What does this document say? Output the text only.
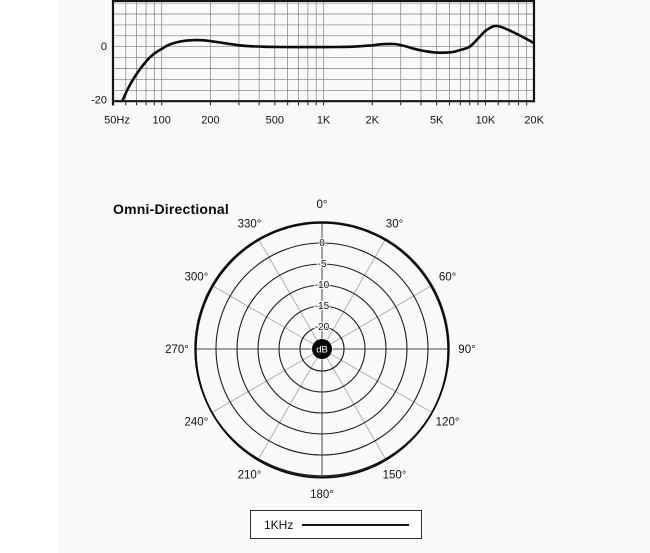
0
-20
50Hz 100	200	500	1K	2K	5K	10K	20K
0
-5
-10
-15
-20
0°
30°
60°
90°
120°
150°
180°
210°
240°
270°
300°
330°
dB
Omni-Directional
1KHz
